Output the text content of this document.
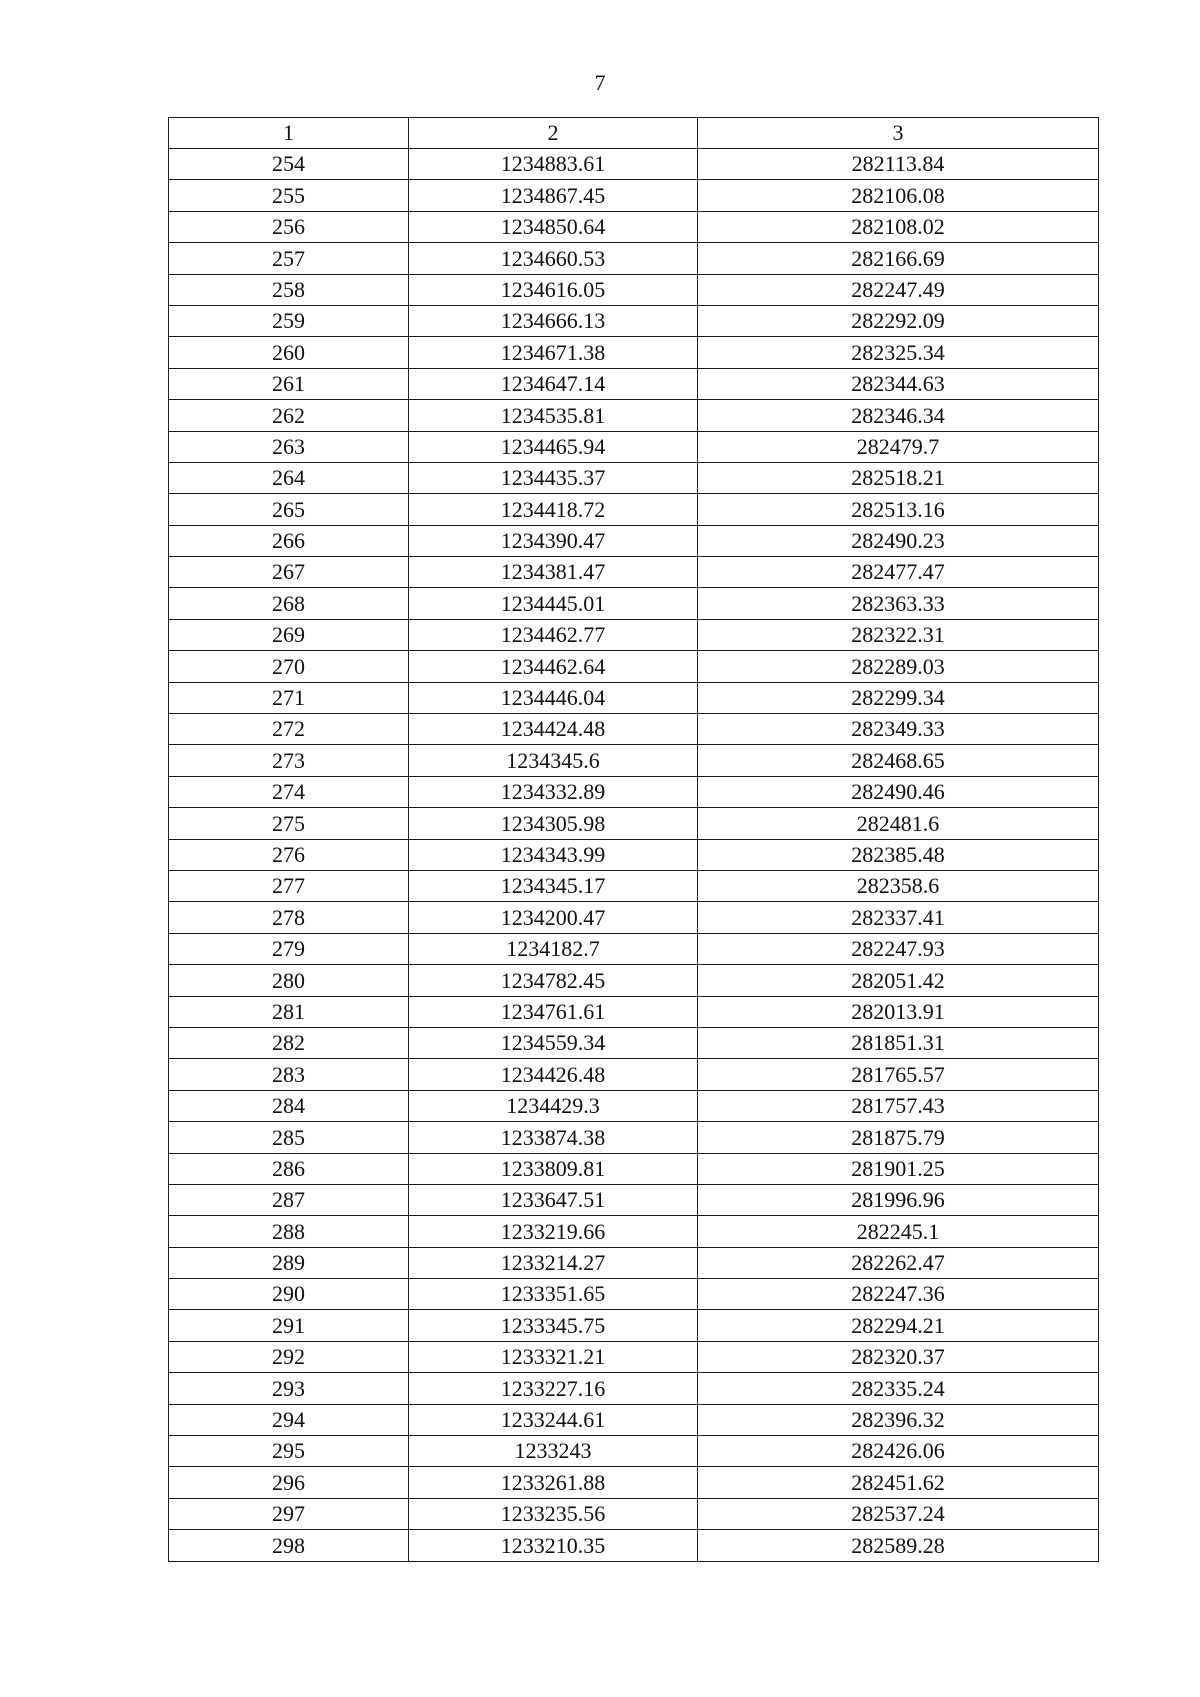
7
1	2	3
254	1234883.61	282113.84
255	1234867.45	282106.08
256	1234850.64	282108.02
257	1234660.53	282166.69
258	1234616.05	282247.49
259	1234666.13	282292.09
260	1234671.38	282325.34
261	1234647.14	282344.63
262	1234535.81	282346.34
263	1234465.94	282479.7
264	1234435.37	282518.21
265	1234418.72	282513.16
266	1234390.47	282490.23
267	1234381.47	282477.47
268	1234445.01	282363.33
269	1234462.77	282322.31
270	1234462.64	282289.03
271	1234446.04	282299.34
272	1234424.48	282349.33
273	1234345.6	282468.65
274	1234332.89	282490.46
275	1234305.98	282481.6
276	1234343.99	282385.48
277	1234345.17	282358.6
278	1234200.47	282337.41
279	1234182.7	282247.93
280	1234782.45	282051.42
281	1234761.61	282013.91
282	1234559.34	281851.31
283	1234426.48	281765.57
284	1234429.3	281757.43
285	1233874.38	281875.79
286	1233809.81	281901.25
287	1233647.51	281996.96
288	1233219.66	282245.1
289	1233214.27	282262.47
290	1233351.65	282247.36
291	1233345.75	282294.21
292	1233321.21	282320.37
293	1233227.16	282335.24
294	1233244.61	282396.32
295	1233243	282426.06
296	1233261.88	282451.62
297	1233235.56	282537.24
298	1233210.35	282589.28
